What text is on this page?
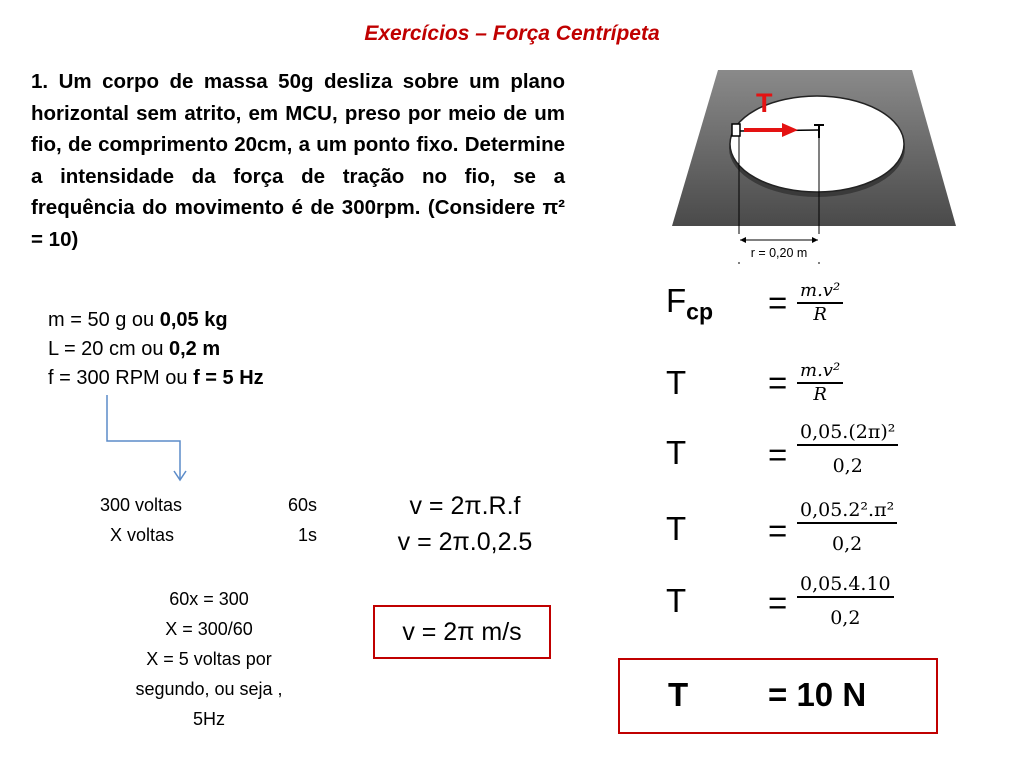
Exercícios – Força Centrípeta
1. Um corpo de massa 50g desliza sobre um plano horizontal sem atrito, em MCU, preso por meio de um fio, de comprimento 20cm, a um ponto fixo. Determine a intensidade da força de tração no fio, se a frequência do movimento é de 300rpm. (Considere π² = 10)
T
r = 0,20 m
m = 50 g ou 0,05 kg
L = 20 cm ou 0,2 m
f = 300 RPM ou f = 5 Hz
300 voltas	60s
X voltas	1s
60x = 300
X = 300/60
X = 5 voltas por
segundo, ou seja ,
5Hz
v = 2π.R.f
v = 2π.0,2.5
v = 2π m/s
$F_{cp} = \frac{\text{m.v²}}{R}$
$T = \frac{\text{m.v²}}{R}$
$T = \frac{\text{0,05.(2π)²}}{0,2}$
$T = \frac{\text{0,05.2².π²}}{0,2}$
$T = \frac{0,05.4.10}{0,2}$
T = 10 N
